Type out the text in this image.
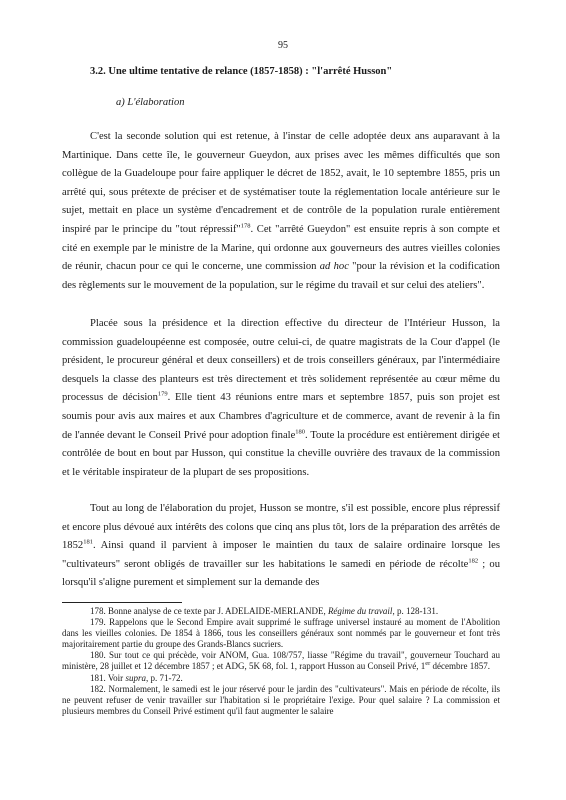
95
3.2. Une ultime tentative de relance (1857-1858) : "l'arrêté Husson"
a) L'élaboration

C'est la seconde solution qui est retenue, à l'instar de celle adoptée deux ans auparavant à la Martinique. Dans cette île, le gouverneur Gueydon, aux prises avec les mêmes difficultés que son collègue de la Guadeloupe pour faire appliquer le décret de 1852, avait, le 10 septembre 1855, pris un arrêté qui, sous prétexte de préciser et de systématiser toute la réglementation locale antérieure sur le sujet, mettait en place un système d'encadrement et de contrôle de la population rurale entièrement inspiré par le principe du "tout répressif"$^{178}$. Cet "arrêté Gueydon" est ensuite repris à son compte et cité en exemple par le ministre de la Marine, qui ordonne aux gouverneurs des autres vieilles colonies de réunir, chacun pour ce qui le concerne, une commission ad hoc "pour la révision et la codification des règlements sur le mouvement de la population, sur le régime du travail et sur celui des ateliers".

Placée sous la présidence et la direction effective du directeur de l'Intérieur Husson, la commission guadeloupéenne est composée, outre celui-ci, de quatre magistrats de la Cour d'appel (le président, le procureur général et deux conseillers) et de trois conseillers généraux, par l'intermédiaire desquels la classe des planteurs est très directement et très solidement représentée au cœur même du processus de décision$^{179}$. Elle tient 43 réunions entre mars et septembre 1857, puis son projet est soumis pour avis aux maires et aux Chambres d'agriculture et de commerce, avant de revenir à la fin de l'année devant le Conseil Privé pour adoption finale$^{180}$. Toute la procédure est entièrement dirigée et contrôlée de bout en bout par Husson, qui constitue la cheville ouvrière des travaux de la commission et le véritable inspirateur de la plupart de ses propositions.

Tout au long de l'élaboration du projet, Husson se montre, s'il est possible, encore plus répressif et encore plus dévoué aux intérêts des colons que cinq ans plus tôt, lors de la préparation des arrêtés de 1852$^{181}$. Ainsi quand il parvient à imposer le maintien du taux de salaire ordinaire lorsque les "cultivateurs" seront obligés de travailler sur les habitations le samedi en période de récolte$^{182}$ ; ou lorsqu'il s'aligne purement et simplement sur la demande des

178. Bonne analyse de ce texte par J. ADELAIDE-MERLANDE, Régime du travail, p. 128-131.

179. Rappelons que le Second Empire avait supprimé le suffrage universel instauré au moment de l'Abolition dans les vieilles colonies. De 1854 à 1866, tous les conseillers généraux sont nommés par le gouverneur et font très majoritairement partie du groupe des Grands-Blancs sucriers.

180. Sur tout ce qui précède, voir ANOM, Gua. 108/757, liasse "Régime du travail", gouverneur Touchard au ministère, 28 juillet et 12 décembre 1857 ; et ADG, 5K 68, fol. 1, rapport Husson au Conseil Privé, 1er décembre 1857.

181. Voir supra, p. 71-72.

182. Normalement, le samedi est le jour réservé pour le jardin des "cultivateurs". Mais en période de récolte, ils ne peuvent refuser de venir travailler sur l'habitation si le propriétaire l'exige. Pour quel salaire ? La commission et plusieurs membres du Conseil Privé estiment qu'il faut augmenter le salaire
